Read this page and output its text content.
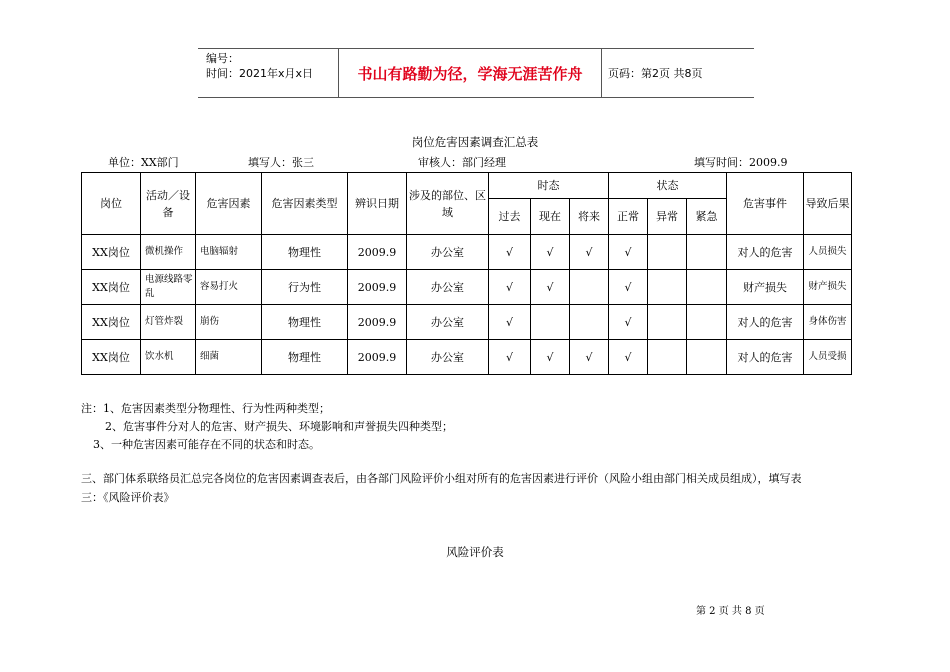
编号：
时间：2021年x月x日	书山有路勤为径，学海无涯苦作舟	页码：第2页 共8页
岗位危害因素调查汇总表
单位：XX部门	填写人：张三	审核人：部门经理	填写时间：2009.9
岗位	活动／设备	危害因素	危害因素类型	辨识日期	涉及的部位、区域	时态			状态			危害事件	导致后果
						过去	现在	将来	正常	异常	紧急		
XX岗位	微机操作	电脑辐射	物理性	2009.9	办公室	√	√	√	√			对人的危害	人员损失
XX岗位	电源线路零乱	容易打火	行为性	2009.9	办公室	√	√		√			财产损失	财产损失
XX岗位	灯管炸裂	崩伤	物理性	2009.9	办公室	√			√			对人的危害	身体伤害
XX岗位	饮水机	细菌	物理性	2009.9	办公室	√	√	√	√			对人的危害	人员受损
注：1、危害因素类型分物理性、行为性两种类型；
2、危害事件分对人的危害、财产损失、环境影响和声誉损失四种类型；
3、一种危害因素可能存在不同的状态和时态。
三、部门体系联络员汇总完各岗位的危害因素调查表后，由各部门风险评价小组对所有的危害因素进行评价（风险小组由部门相关成员组成），填写表
三：《风险评价表》
风险评价表
第 2 页 共 8 页
